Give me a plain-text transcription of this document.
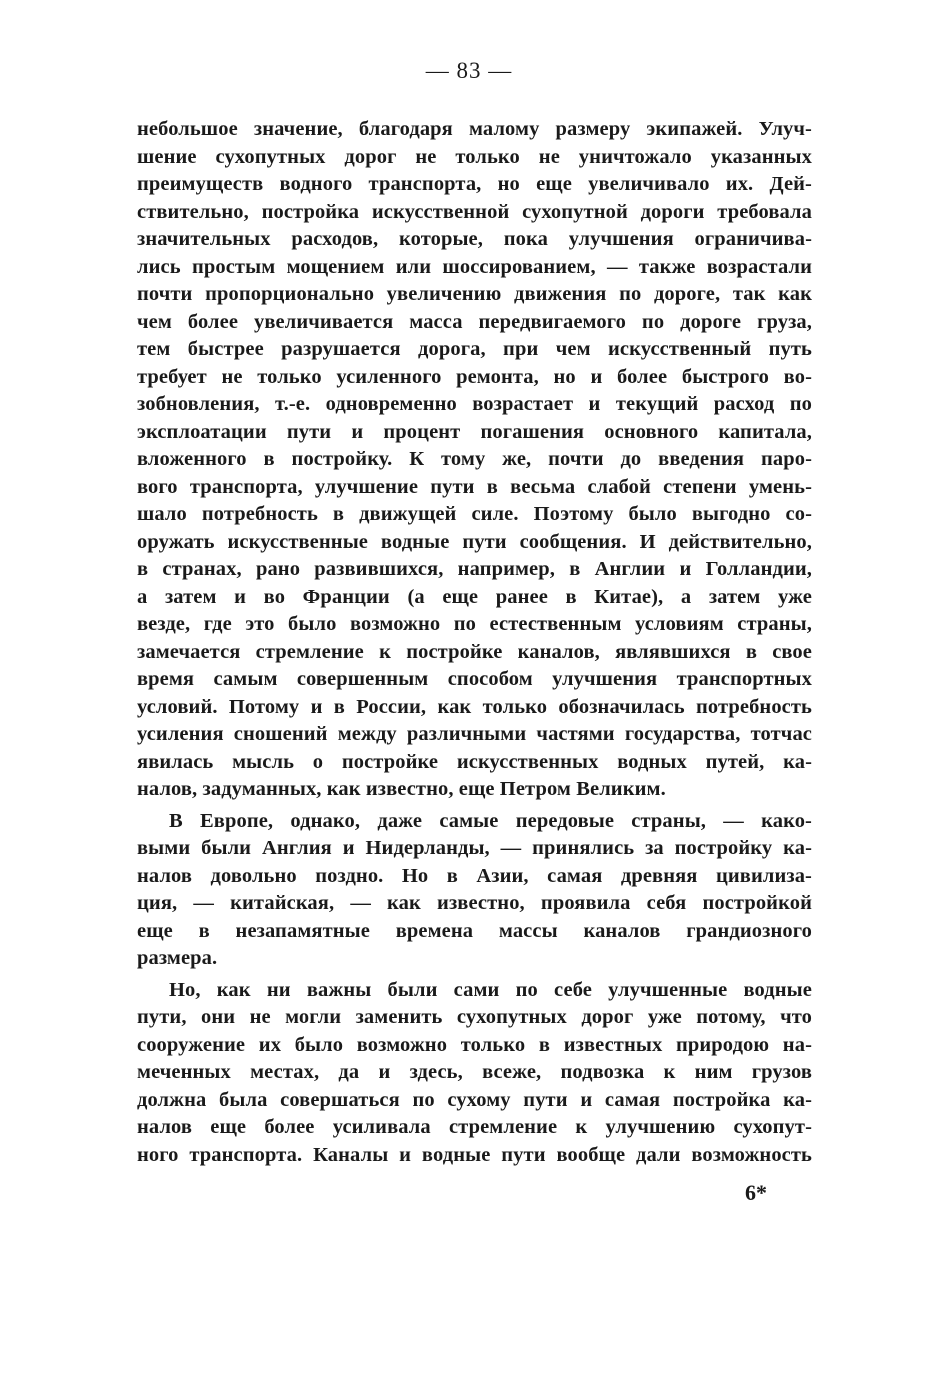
— 83 —
небольшое значение, благодаря малому размеру экипажей. Улуч-
шение сухопутных дорог не только не уничтожало указанных
преимуществ водного транспорта, но еще увеличивало их. Дей-
ствительно, постройка искусственной сухопутной дороги требовала
значительных расходов, которые, пока улучшения ограничива-
лись простым мощением или шоссированием, — также возрастали
почти пропорционально увеличению движения по дороге, так как
чем более увеличивается масса передвигаемого по дороге груза,
тем быстрее разрушается дорога, при чем искусственный путь
требует не только усиленного ремонта, но и более быстрого во-
зобновления, т.-е. одновременно возрастает и текущий расход по
эксплоатации пути и процент погашения основного капитала,
вложенного в постройку. К тому же, почти до введения паро-
вого транспорта, улучшение пути в весьма слабой степени умень-
шало потребность в движущей силе. Поэтому было выгодно со-
оружать искусственные водные пути сообщения. И действительно,
в странах, рано развившихся, например, в Англии и Голландии,
а затем и во Франции (а еще ранее в Китае), а затем уже
везде, где это было возможно по естественным условиям страны,
замечается стремление к постройке каналов, являвшихся в свое
время самым совершенным способом улучшения транспортных
условий. Потому и в России, как только обозначилась потребность
усиления сношений между различными частями государства, тотчас
явилась мысль о постройке искусственных водных путей, ка-
налов, задуманных, как известно, еще Петром Великим.
В Европе, однако, даже самые передовые страны, — како-
выми были Англия и Нидерланды, — принялись за постройку ка-
налов довольно поздно. Но в Азии, самая древняя цивилиза-
ция, — китайская, — как известно, проявила себя постройкой
еще в незапамятные времена массы каналов грандиозного
размера.
Но, как ни важны были сами по себе улучшенные водные
пути, они не могли заменить сухопутных дорог уже потому, что
сооружение их было возможно только в известных природою на-
меченных местах, да и здесь, всеже, подвозка к ним грузов
должна была совершаться по сухому пути и самая постройка ка-
налов еще более усиливала стремление к улучшению сухопут-
ного транспорта. Каналы и водные пути вообще дали возможность
6*
